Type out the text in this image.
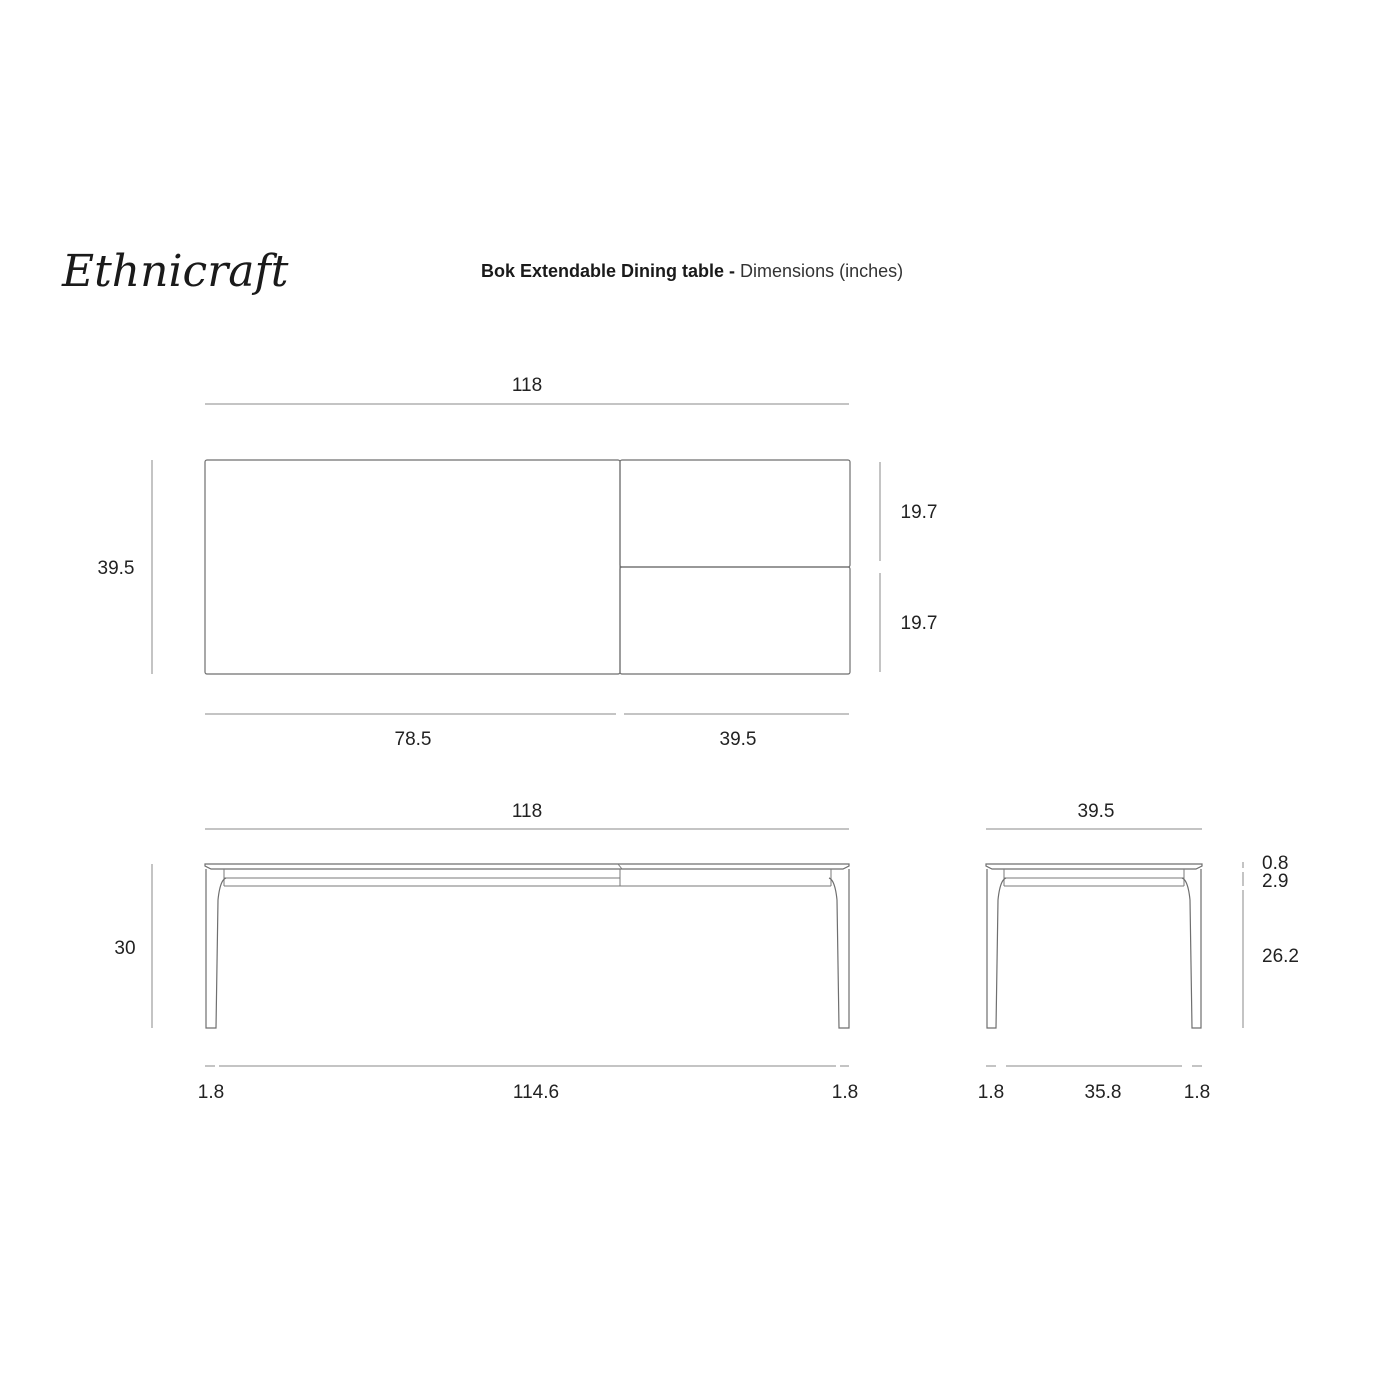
Ethnicraft	Bok Extendable Dining table - Dimensions (inches)
118
39.5
19.7
19.7
78.5	39.5
118
30
1.8	114.6	1.8
39.5
0.8
2.9
26.2
1.8	35.8	1.8
